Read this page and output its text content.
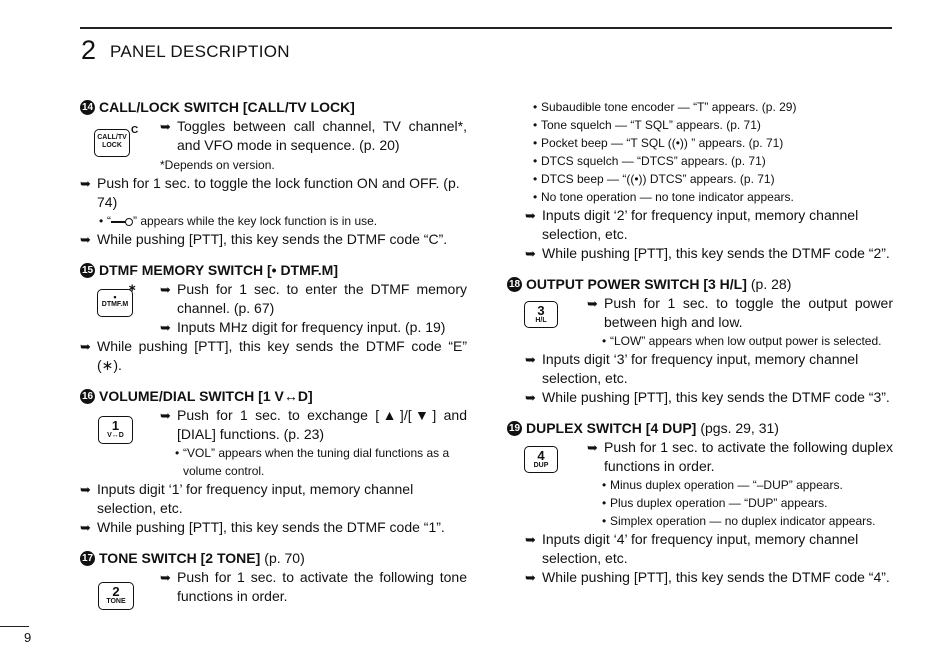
2 PANEL DESCRIPTION
14 CALL/LOCK SWITCH [CALL/TV LOCK]
CALL/TV
LOCK
C ➥ Toggles between call channel, TV channel*, and VFO mode in sequence. (p. 20)
*Depends on version.
➥ Push for 1 sec. to toggle the lock function ON and OFF. (p. 74)
• “ ” appears while the key lock function is in use.
➥ While pushing [PTT], this key sends the DTMF code “C”.
15 DTMF MEMORY SWITCH [• DTMF.M]
•
DTMF.M
∗ ➥ Push for 1 sec. to enter the DTMF memory channel. (p. 67)
➥ Inputs MHz digit for frequency input. (p. 19)
➥ While pushing [PTT], this key sends the DTMF code “E” (∗).
16 VOLUME/DIAL SWITCH [1 V↔D]
1
V↔D
➥ Push for 1 sec. to exchange [▲]/[▼] and [DIAL] functions. (p. 23)
• “VOL” appears when the tuning dial functions as a volume control.
➥ Inputs digit ‘1’ for frequency input, memory channel selection, etc.
➥ While pushing [PTT], this key sends the DTMF code “1”.
17 TONE SWITCH [2 TONE] (p. 70)
2
TONE
➥ Push for 1 sec. to activate the following tone functions in order.
• Subaudible tone encoder — “T” appears. (p. 29)
• Tone squelch — “T SQL” appears. (p. 71)
• Pocket beep — “T SQL ((•)) ” appears. (p. 71)
• DTCS squelch — “DTCS” appears. (p. 71)
• DTCS beep — “((•)) DTCS” appears. (p. 71)
• No tone operation — no tone indicator appears.
➥ Inputs digit ‘2’ for frequency input, memory channel selection, etc.
➥ While pushing [PTT], this key sends the DTMF code “2”.
18 OUTPUT POWER SWITCH [3 H/L] (p. 28)
3
H/L
➥ Push for 1 sec. to toggle the output power between high and low.
• “LOW” appears when low output power is selected.
➥ Inputs digit ‘3’ for frequency input, memory channel selection, etc.
➥ While pushing [PTT], this key sends the DTMF code “3”.
19 DUPLEX SWITCH [4 DUP] (pgs. 29, 31)
4
DUP
➥ Push for 1 sec. to activate the following duplex functions in order.
• Minus duplex operation — “–DUP” appears.
• Plus duplex operation — “DUP” appears.
• Simplex operation — no duplex indicator appears.
➥ Inputs digit ‘4’ for frequency input, memory channel selection, etc.
➥ While pushing [PTT], this key sends the DTMF code “4”.
9
